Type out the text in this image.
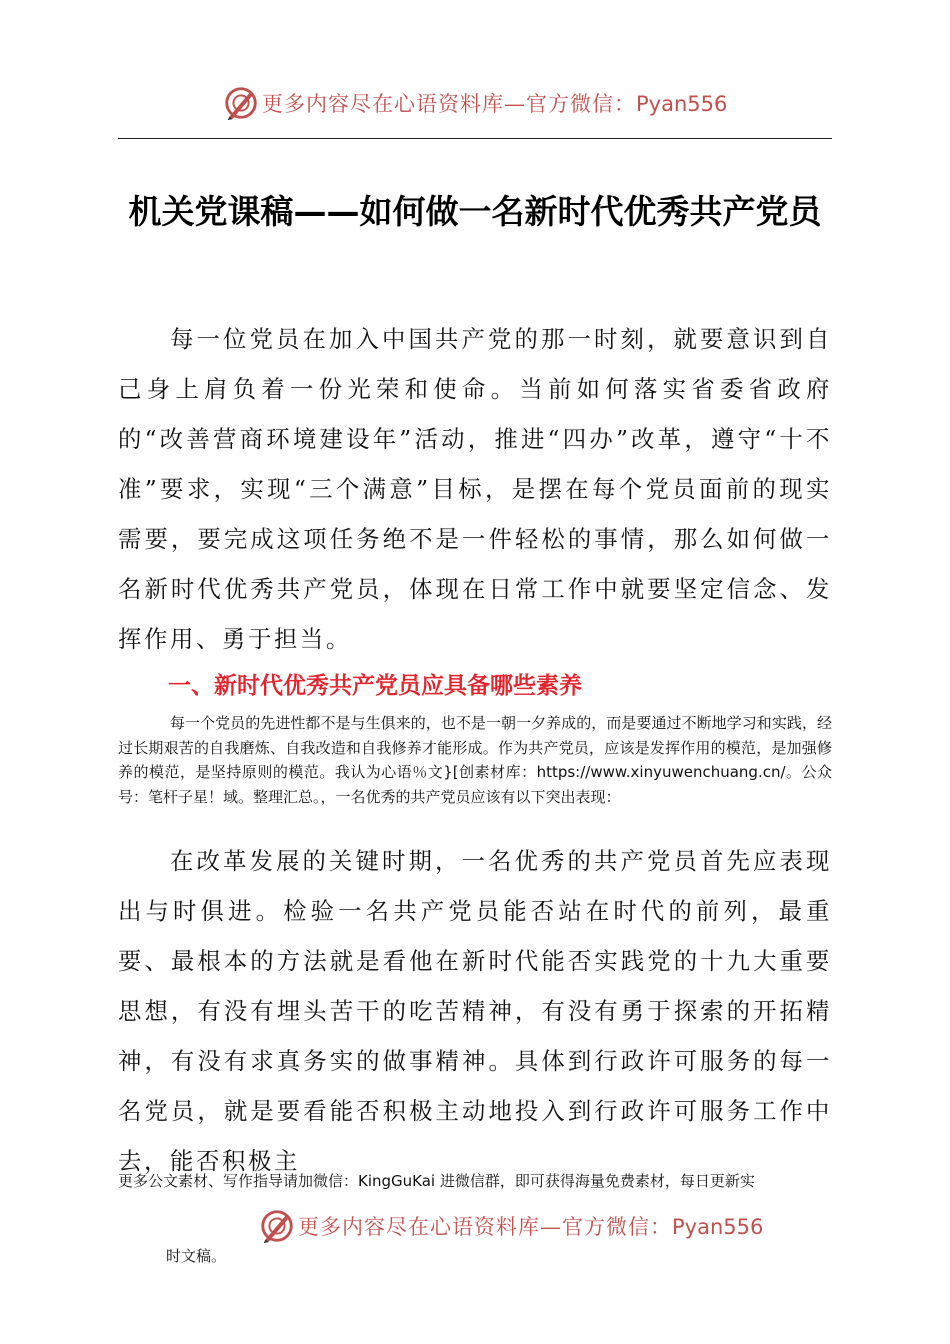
更多内容尽在心语资料库—官方微信：Pyan556
机关党课稿——如何做一名新时代优秀共产党员

每一位党员在加入中国共产党的那一时刻，就要意识到自己身上肩负着一份光荣和使命。当前如何落实省委省政府的“改善营商环境建设年”活动，推进“四办”改革，遵守“十不准”要求，实现“三个满意”目标，是摆在每个党员面前的现实需要，要完成这项任务绝不是一件轻松的事情，那么如何做一名新时代优秀共产党员，体现在日常工作中就要坚定信念、发挥作用、勇于担当。

一、新时代优秀共产党员应具备哪些素养

每一个党员的先进性都不是与生俱来的，也不是一朝一夕养成的，而是要通过不断地学习和实践，经过长期艰苦的自我磨炼、自我改造和自我修养才能形成。作为共产党员，应该是发挥作用的模范，是加强修养的模范，是坚持原则的模范。我认为心语％文}[创素材库：https://www.xinyuwenchuang.cn/。公众号：笔杆子星！域。整理汇总。，一名优秀的共产党员应该有以下突出表现：

在改革发展的关键时期，一名优秀的共产党员首先应表现出与时俱进。检验一名共产党员能否站在时代的前列，最重要、最根本的方法就是看他在新时代能否实践党的十九大重要思想，有没有埋头苦干的吃苦精神，有没有勇于探索的开拓精神，有没有求真务实的做事精神。具体到行政许可服务的每一名党员，就是要看能否积极主动地投入到行政许可服务工作中去，能否积极主

更多公文素材、写作指导请加微信：KingGuKai 进微信群，即可获得海量免费素材，每日更新实
更多内容尽在心语资料库—官方微信：Pyan556
时文稿。
